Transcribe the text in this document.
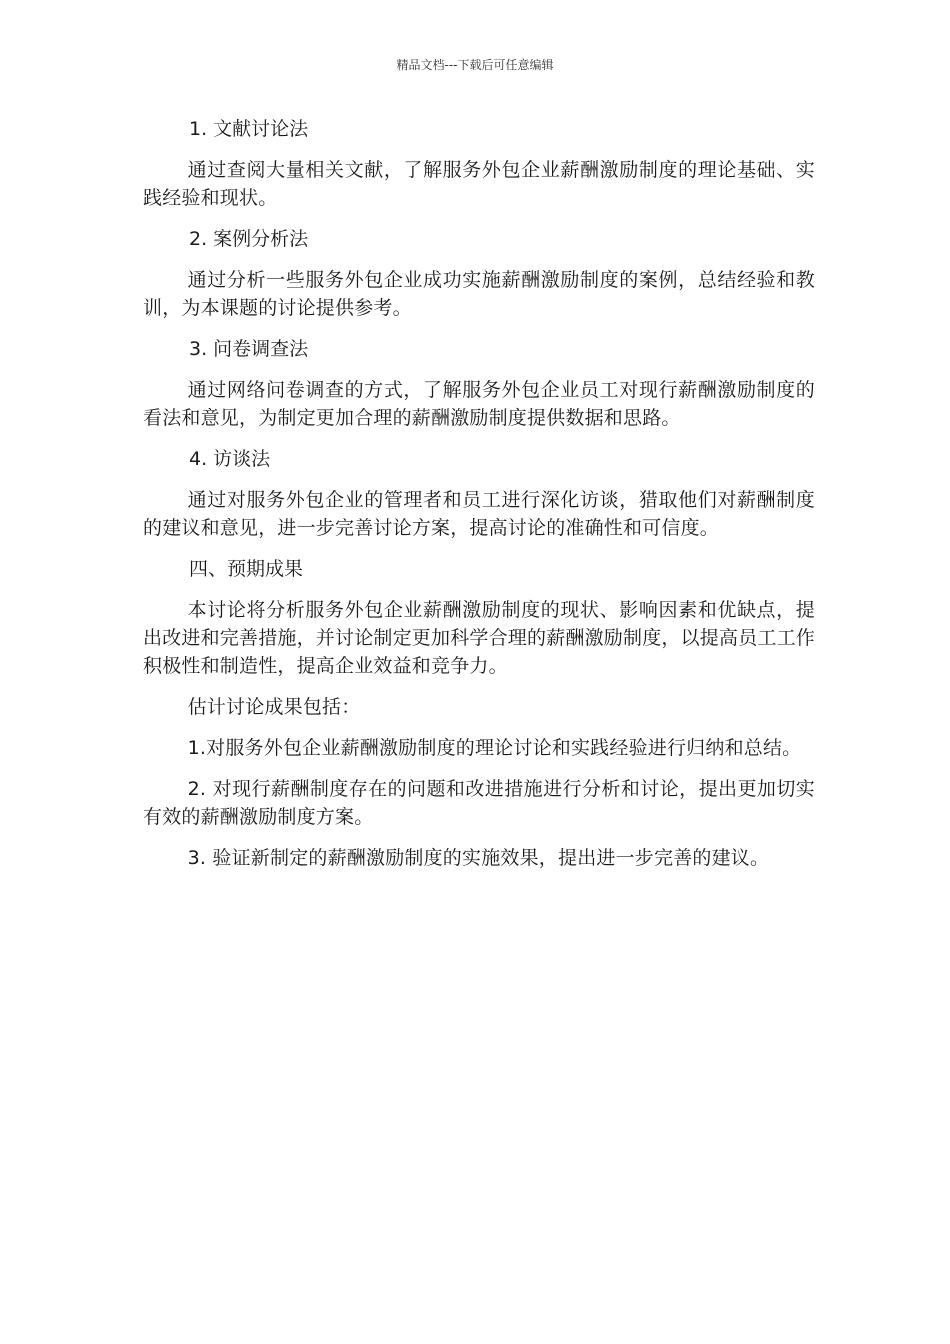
精品文档---下载后可任意编辑
1. 文献讨论法

通过查阅大量相关文献，了解服务外包企业薪酬激励制度的理论基础、实践经验和现状。

2. 案例分析法

通过分析一些服务外包企业成功实施薪酬激励制度的案例，总结经验和教训，为本课题的讨论提供参考。

3. 问卷调查法

通过网络问卷调查的方式，了解服务外包企业员工对现行薪酬激励制度的看法和意见，为制定更加合理的薪酬激励制度提供数据和思路。

4. 访谈法

通过对服务外包企业的管理者和员工进行深化访谈，猎取他们对薪酬制度的建议和意见，进一步完善讨论方案，提高讨论的准确性和可信度。

四、预期成果

本讨论将分析服务外包企业薪酬激励制度的现状、影响因素和优缺点，提出改进和完善措施，并讨论制定更加科学合理的薪酬激励制度，以提高员工工作积极性和制造性，提高企业效益和竞争力。

估计讨论成果包括：

1.对服务外包企业薪酬激励制度的理论讨论和实践经验进行归纳和总结。

2. 对现行薪酬制度存在的问题和改进措施进行分析和讨论，提出更加切实有效的薪酬激励制度方案。

3. 验证新制定的薪酬激励制度的实施效果，提出进一步完善的建议。
